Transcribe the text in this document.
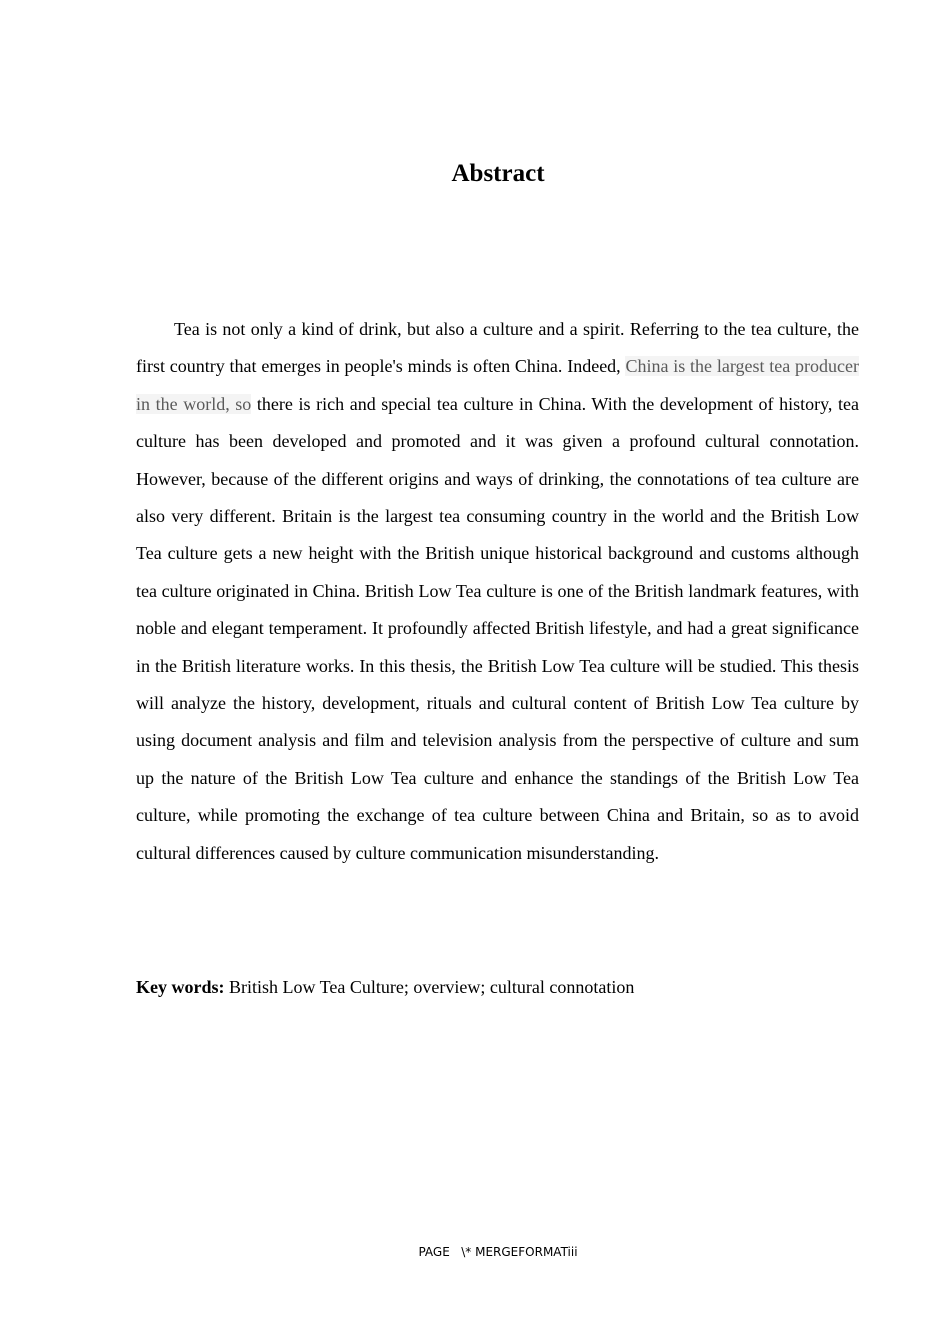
Abstract

Tea is not only a kind of drink, but also a culture and a spirit. Referring to the tea culture, the first country that emerges in people's minds is often China. Indeed, China is the largest tea producer in the world, so there is rich and special tea culture in China. With the development of history, tea culture has been developed and promoted and it was given a profound cultural connotation. However, because of the different origins and ways of drinking, the connotations of tea culture are also very different. Britain is the largest tea consuming country in the world and the British Low Tea culture gets a new height with the British unique historical background and customs although tea culture originated in China. British Low Tea culture is one of the British landmark features, with noble and elegant temperament. It profoundly affected British lifestyle, and had a great significance in the British literature works. In this thesis, the British Low Tea culture will be studied. This thesis will analyze the history, development, rituals and cultural content of British Low Tea culture by using document analysis and film and television analysis from the perspective of culture and sum up the nature of the British Low Tea culture and enhance the standings of the British Low Tea culture, while promoting the exchange of tea culture between China and Britain, so as to avoid cultural differences caused by culture communication misunderstanding.

Key words: British Low Tea Culture; overview; cultural connotation

PAGE   \* MERGEFORMATiii
